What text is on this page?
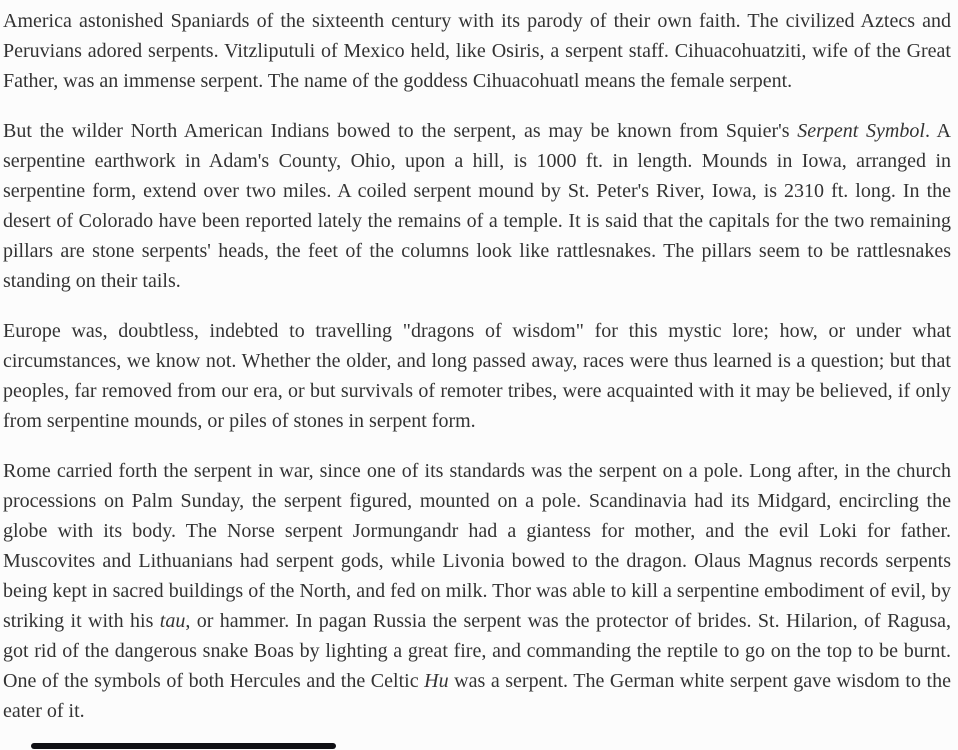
America astonished Spaniards of the sixteenth century with its parody of their own faith. The civilized Aztecs and Peruvians adored serpents. Vitzliputuli of Mexico held, like Osiris, a serpent staff. Cihuacohuatziti, wife of the Great Father, was an immense serpent. The name of the goddess Cihuacohuatl means the female serpent.

But the wilder North American Indians bowed to the serpent, as may be known from Squier's Serpent Symbol. A serpentine earthwork in Adam's County, Ohio, upon a hill, is 1000 ft. in length. Mounds in Iowa, arranged in serpentine form, extend over two miles. A coiled serpent mound by St. Peter's River, Iowa, is 2310 ft. long. In the desert of Colorado have been reported lately the remains of a temple. It is said that the capitals for the two remaining pillars are stone serpents' heads, the feet of the columns look like rattlesnakes. The pillars seem to be rattlesnakes standing on their tails.

Europe was, doubtless, indebted to travelling "dragons of wisdom" for this mystic lore; how, or under what circumstances, we know not. Whether the older, and long passed away, races were thus learned is a question; but that peoples, far removed from our era, or but survivals of remoter tribes, were acquainted with it may be believed, if only from serpentine mounds, or piles of stones in serpent form.

Rome carried forth the serpent in war, since one of its standards was the serpent on a pole. Long after, in the church processions on Palm Sunday, the serpent figured, mounted on a pole. Scandinavia had its Midgard, encircling the globe with its body. The Norse serpent Jormungandr had a giantess for mother, and the evil Loki for father. Muscovites and Lithuanians had serpent gods, while Livonia bowed to the dragon. Olaus Magnus records serpents being kept in sacred buildings of the North, and fed on milk. Thor was able to kill a serpentine embodiment of evil, by striking it with his tau, or hammer. In pagan Russia the serpent was the protector of brides. St. Hilarion, of Ragusa, got rid of the dangerous snake Boas by lighting a great fire, and commanding the reptile to go on the top to be burnt. One of the symbols of both Hercules and the Celtic Hu was a serpent. The German white serpent gave wisdom to the eater of it.
